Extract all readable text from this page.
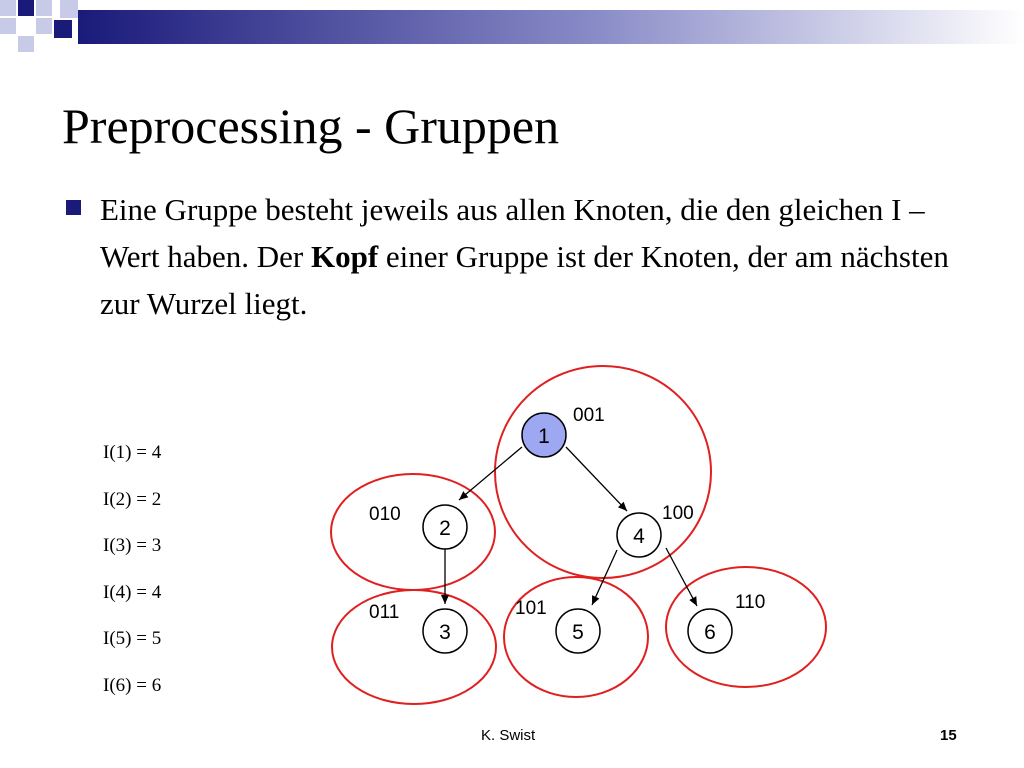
Preprocessing - Gruppen
Eine Gruppe besteht jeweils aus allen Knoten, die den gleichen I – Wert haben. Der Kopf einer Gruppe ist der Knoten, der am nächsten zur Wurzel liegt.
I(1) = 4
I(2) = 2
I(3) = 3
I(4) = 4
I(5) = 5
I(6) = 6
1
2	4
3	5	6
001
010	100
011	101	110
K. Swist	15
